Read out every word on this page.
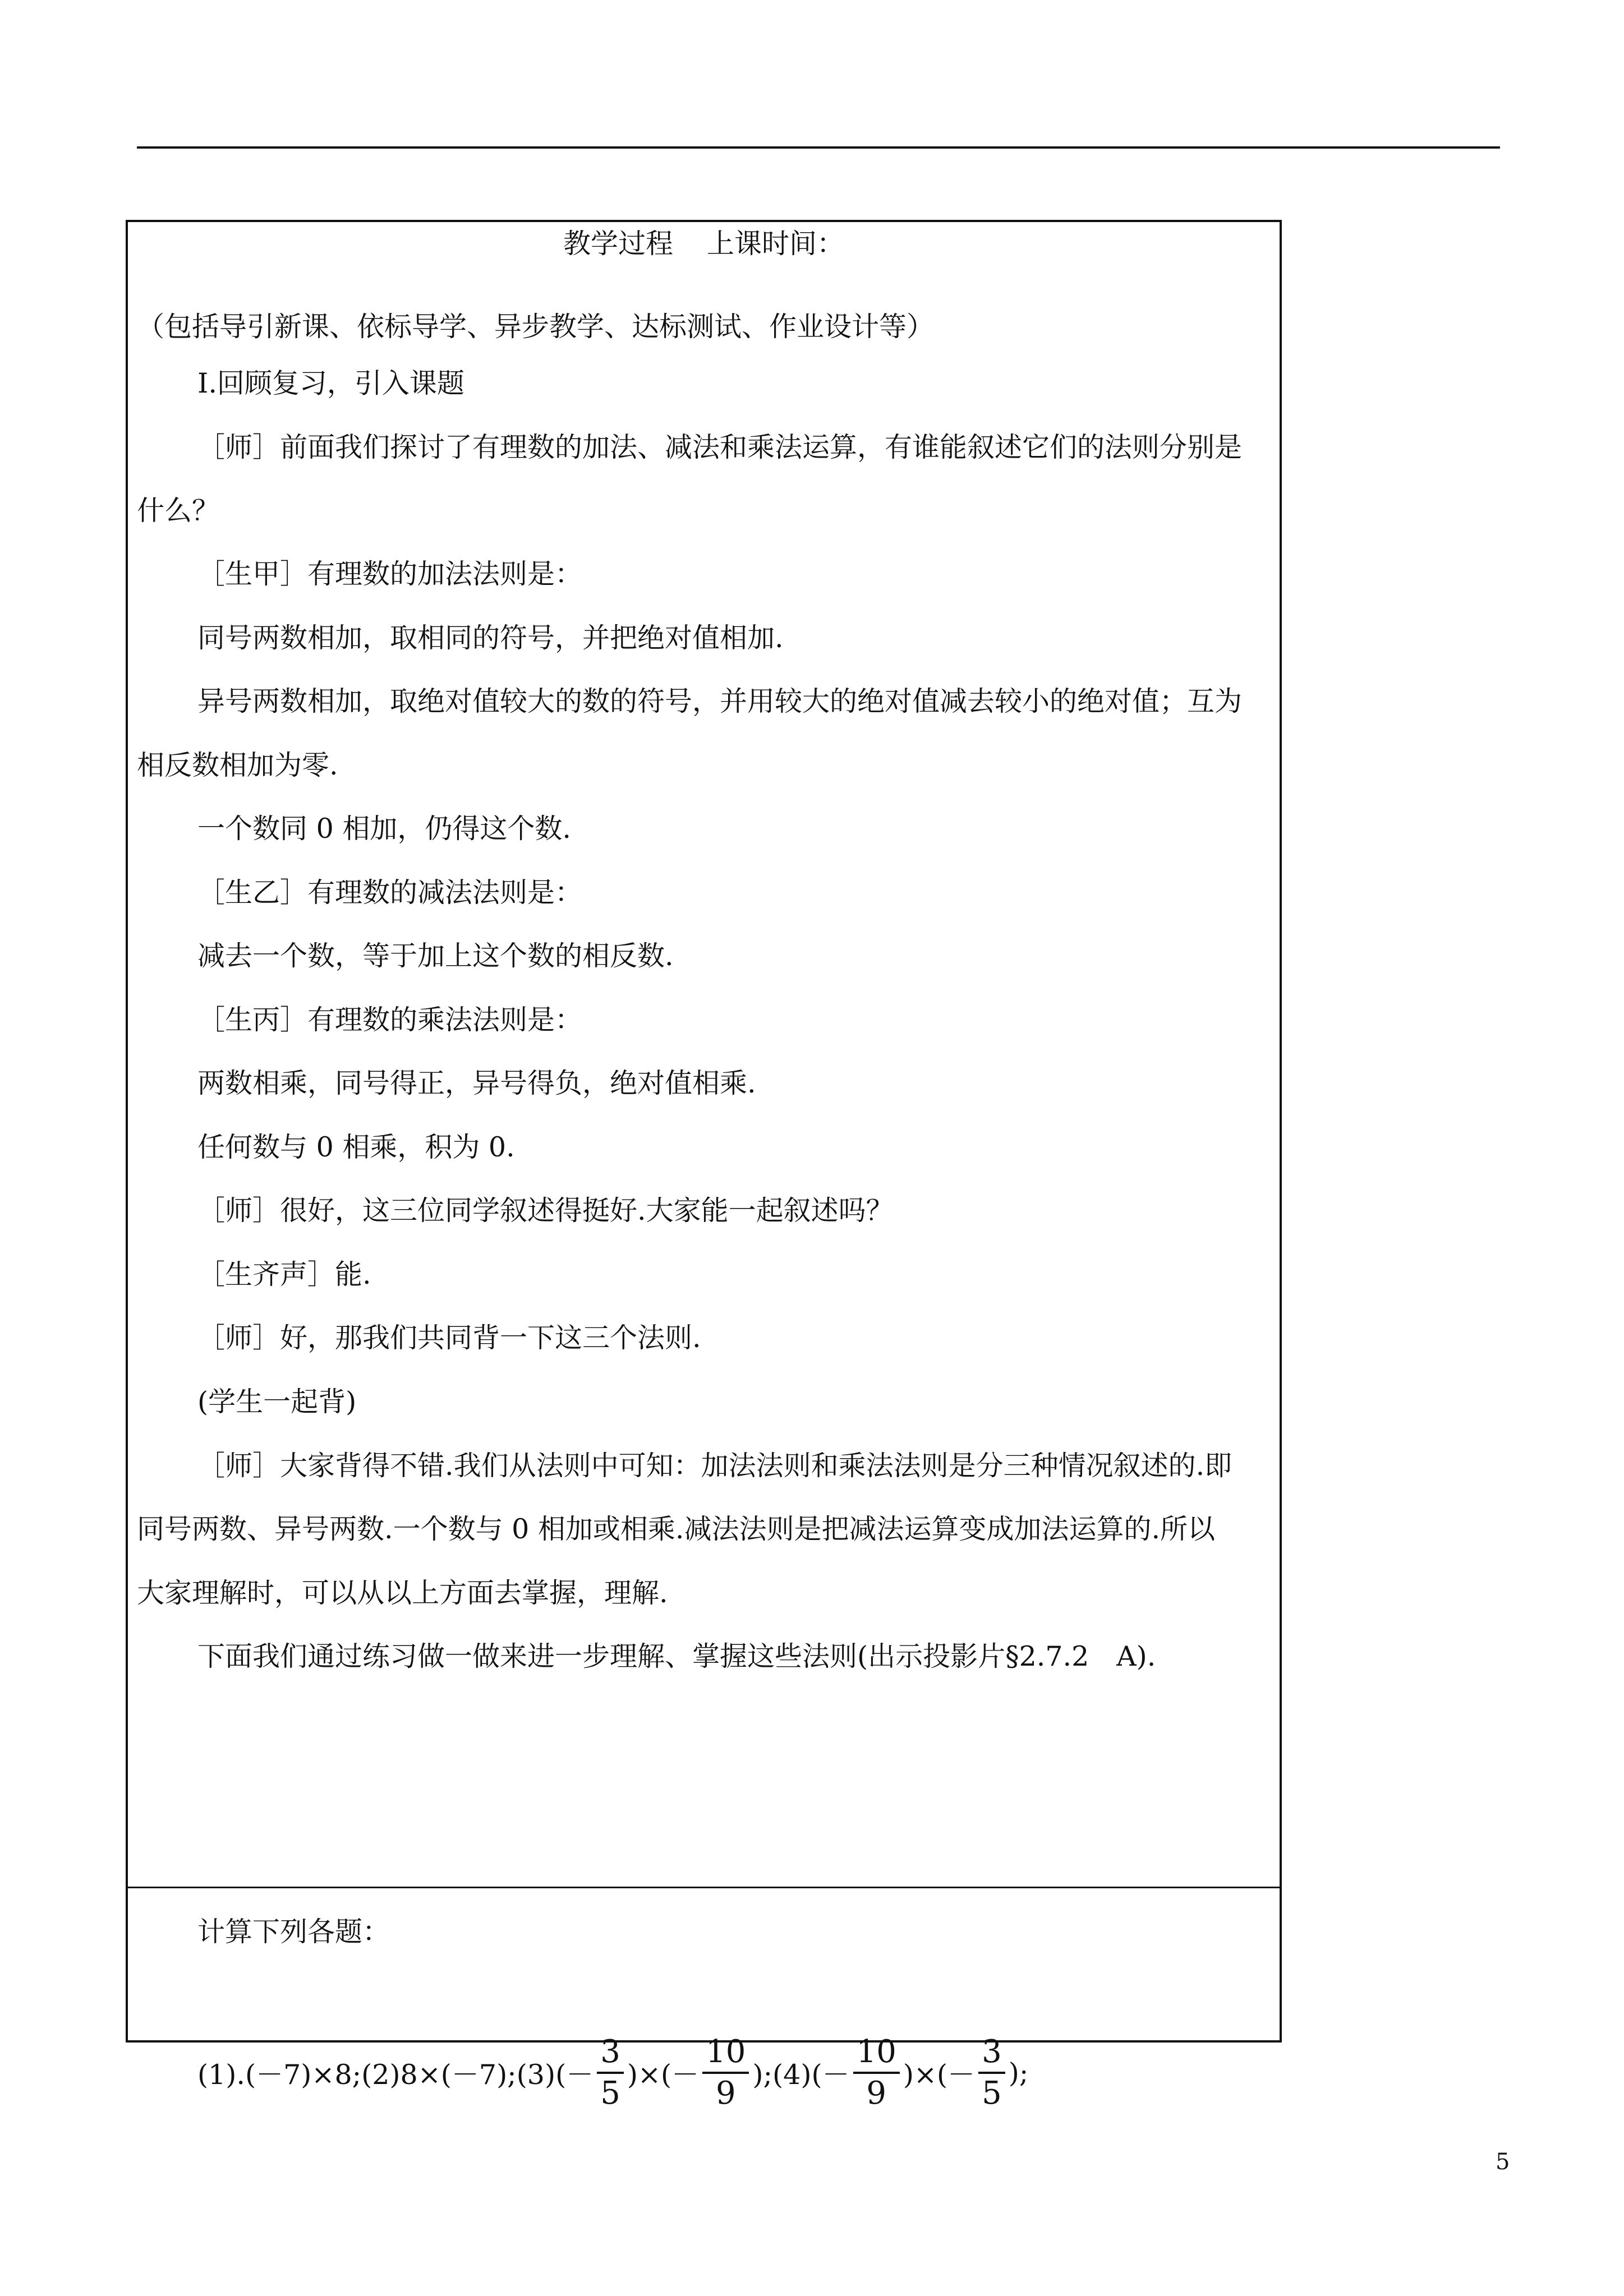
教学过程 上课时间：
（包括导引新课、依标导学、异步教学、达标测试、作业设计等）
Ⅰ.回顾复习，引入课题
［师］前面我们探讨了有理数的加法、减法和乘法运算，有谁能叙述它们的法则分别是
什么？
［生甲］有理数的加法法则是：
同号两数相加，取相同的符号，并把绝对值相加.
异号两数相加，取绝对值较大的数的符号，并用较大的绝对值减去较小的绝对值；互为
相反数相加为零.
一个数同 0 相加，仍得这个数.
［生乙］有理数的减法法则是：
减去一个数，等于加上这个数的相反数.
［生丙］有理数的乘法法则是：
两数相乘，同号得正，异号得负，绝对值相乘.
任何数与 0 相乘，积为 0.
［师］很好，这三位同学叙述得挺好.大家能一起叙述吗？
［生齐声］能.
［师］好，那我们共同背一下这三个法则.
(学生一起背)
［师］大家背得不错.我们从法则中可知：加法法则和乘法法则是分三种情况叙述的.即
同号两数、异号两数.一个数与 0 相加或相乘.减法法则是把减法运算变成加法运算的.所以
大家理解时，可以从以上方面去掌握，理解.
下面我们通过练习做一做来进一步理解、掌握这些法则(出示投影片§2.7.2　A).
计算下列各题：
(1).(－7)×8;(2)8×(－7);(3)(－ $\frac{3}{5}$ )×(－ $\frac{10}{9}$ );(4)(－ $\frac{10}{9}$ )×(－ $\frac{3}{5}$ );
5
